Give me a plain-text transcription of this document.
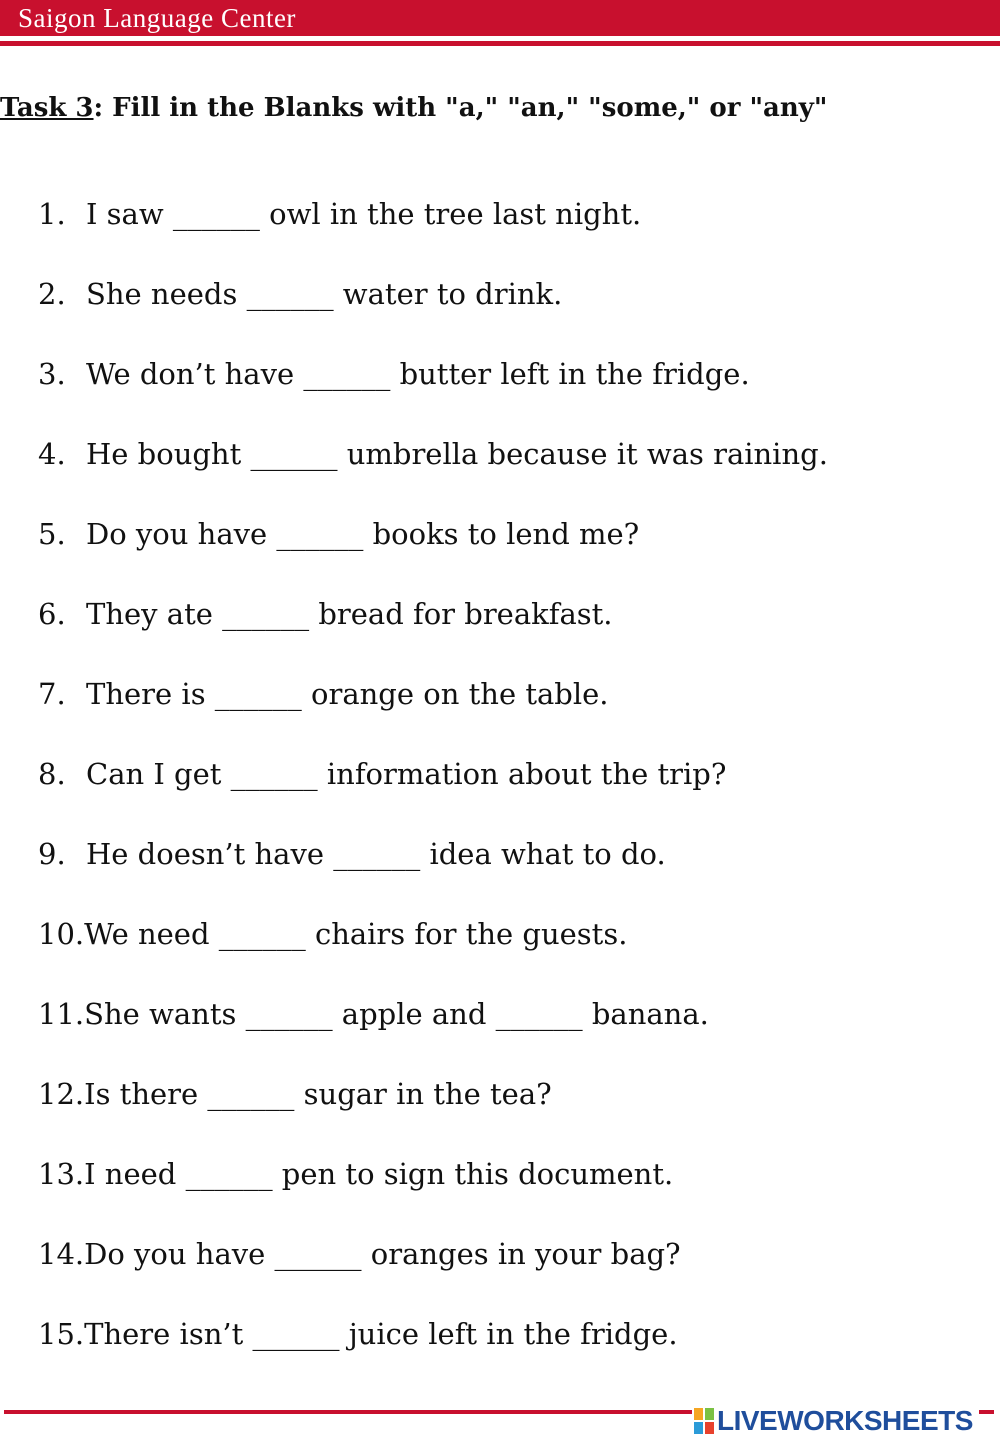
Saigon Language Center
Task 3: Fill in the Blanks with "a," "an," "some," or "any"
1. I saw ______ owl in the tree last night.
2. She needs ______ water to drink.
3. We don’t have ______ butter left in the fridge.
4. He bought ______ umbrella because it was raining.
5. Do you have ______ books to lend me?
6. They ate ______ bread for breakfast.
7. There is ______ orange on the table.
8. Can I get ______ information about the trip?
9. He doesn’t have ______ idea what to do.
10.We need ______ chairs for the guests.
11.She wants ______ apple and ______ banana.
12.Is there ______ sugar in the tea?
13.I need ______ pen to sign this document.
14.Do you have ______ oranges in your bag?
15.There isn’t ______ juice left in the fridge.
LIVEWORKSHEETS
